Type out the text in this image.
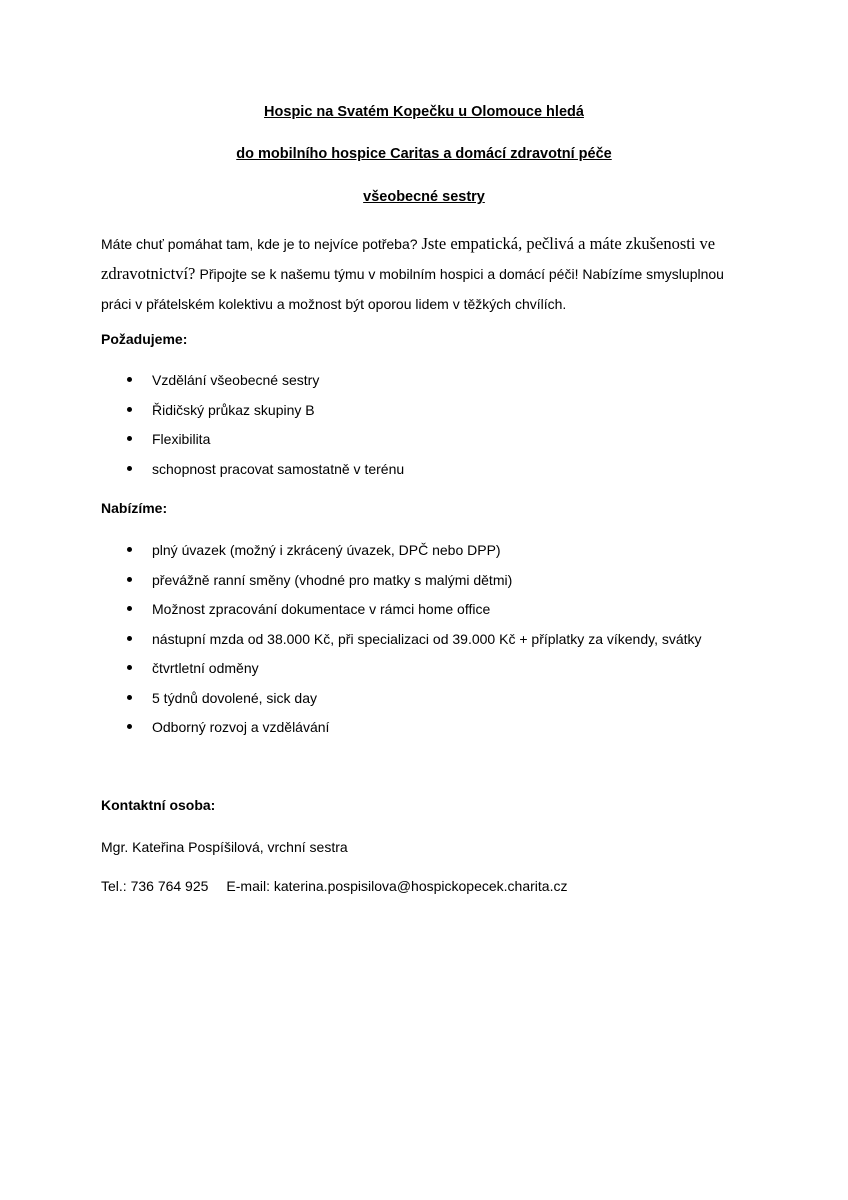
Hospic na Svatém Kopečku u Olomouce hledá
do mobilního hospice Caritas a domácí zdravotní péče
všeobecné sestry
Máte chuť pomáhat tam, kde je to nejvíce potřeba? Jste empatická, pečlivá a máte zkušenosti ve zdravotnictví? Připojte se k našemu týmu v mobilním hospici a domácí péči! Nabízíme smysluplnou práci v přátelském kolektivu a možnost být oporou lidem v těžkých chvílích.
Požadujeme:
Vzdělání všeobecné sestry
Řidičský průkaz skupiny B
Flexibilita
schopnost pracovat samostatně v terénu
Nabízíme:
plný úvazek (možný i zkrácený úvazek, DPČ nebo DPP)
převážně ranní směny (vhodné pro matky s malými dětmi)
Možnost zpracování dokumentace v rámci home office
nástupní mzda od 38.000 Kč, při specializaci od 39.000 Kč + příplatky za víkendy, svátky
čtvrtletní odměny
5 týdnů dovolené, sick day
Odborný rozvoj a vzdělávání
Kontaktní osoba:
Mgr. Kateřina Pospíšilová, vrchní sestra
Tel.: 736 764 925 E-mail: katerina.pospisilova@hospickopecek.charita.cz
